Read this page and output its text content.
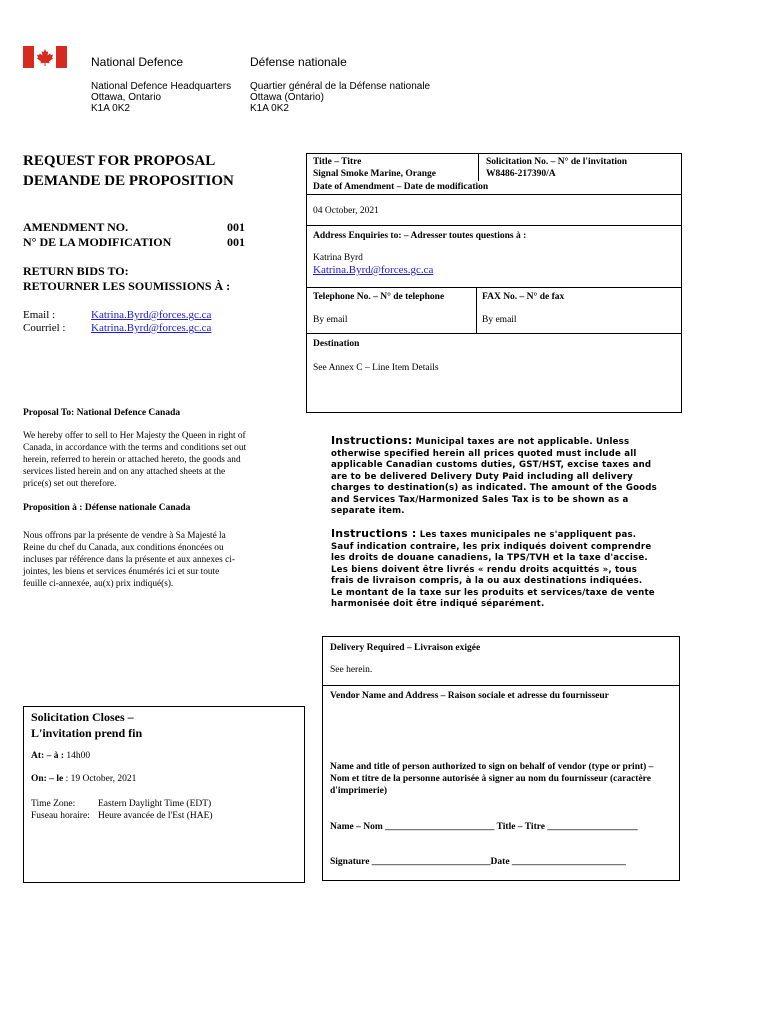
National Defence	Défense nationale
National Defence Headquarters
Ottawa, Ontario
K1A 0K2
Quartier général de la Défense nationale
Ottawa (Ontario)
K1A 0K2
REQUEST FOR PROPOSAL
DEMANDE DE PROPOSITION
AMENDMENT NO.
N° DE LA MODIFICATION
001
001
RETURN BIDS TO:
RETOURNER LES SOUMISSIONS À :
Email :
Courriel :
Katrina.Byrd@forces.gc.ca
Katrina.Byrd@forces.gc.ca
Proposal To: National Defence Canada
We hereby offer to sell to Her Majesty the Queen in right of Canada, in accordance with the terms and conditions set out herein, referred to herein or attached hereto, the goods and services listed herein and on any attached sheets at the price(s) set out therefore.
Proposition à : Défense nationale Canada
Nous offrons par la présente de vendre à Sa Majesté la Reine du chef du Canada, aux conditions énoncées ou incluses par référence dans la présente et aux annexes ci-jointes, les biens et services énumérés ici et sur toute feuille ci-annexée, au(x) prix indiqué(s).
Title – Titre
Signal Smoke Marine, Orange
Solicitation No. – N° de l'invitation
W8486-217390/A
Date of Amendment – Date de modification
04 October, 2021
Address Enquiries to: – Adresser toutes questions à :
Katrina Byrd
Katrina.Byrd@forces.gc.ca
Telephone No. – N° de telephone
By email
FAX No. – N° de fax
By email
Destination
See Annex C – Line Item Details
Instructions: Municipal taxes are not applicable. Unless otherwise specified herein all prices quoted must include all applicable Canadian customs duties, GST/HST, excise taxes and are to be delivered Delivery Duty Paid including all delivery charges to destination(s) as indicated. The amount of the Goods and Services Tax/Harmonized Sales Tax is to be shown as a separate item.
Instructions : Les taxes municipales ne s'appliquent pas. Sauf indication contraire, les prix indiqués doivent comprendre les droits de douane canadiens, la TPS/TVH et la taxe d'accise. Les biens doivent être livrés « rendu droits acquittés », tous frais de livraison compris, à la ou aux destinations indiquées. Le montant de la taxe sur les produits et services/taxe de vente harmonisée doit être indiqué séparément.
Delivery Required – Livraison exigée
See herein.
Vendor Name and Address – Raison sociale et adresse du fournisseur
Name and title of person authorized to sign on behalf of vendor (type or print) – Nom et titre de la personne autorisée à signer au nom du fournisseur (caractère d'imprimerie)
Name – Nom _______________________ Title – Titre ___________________
Signature _________________________Date ________________________
Solicitation Closes –
L'invitation prend fin
At: – à : 14h00
On: – le : 19 October, 2021
Time Zone:
Fuseau horaire:
Eastern Daylight Time (EDT)
Heure avancée de l'Est (HAE)
